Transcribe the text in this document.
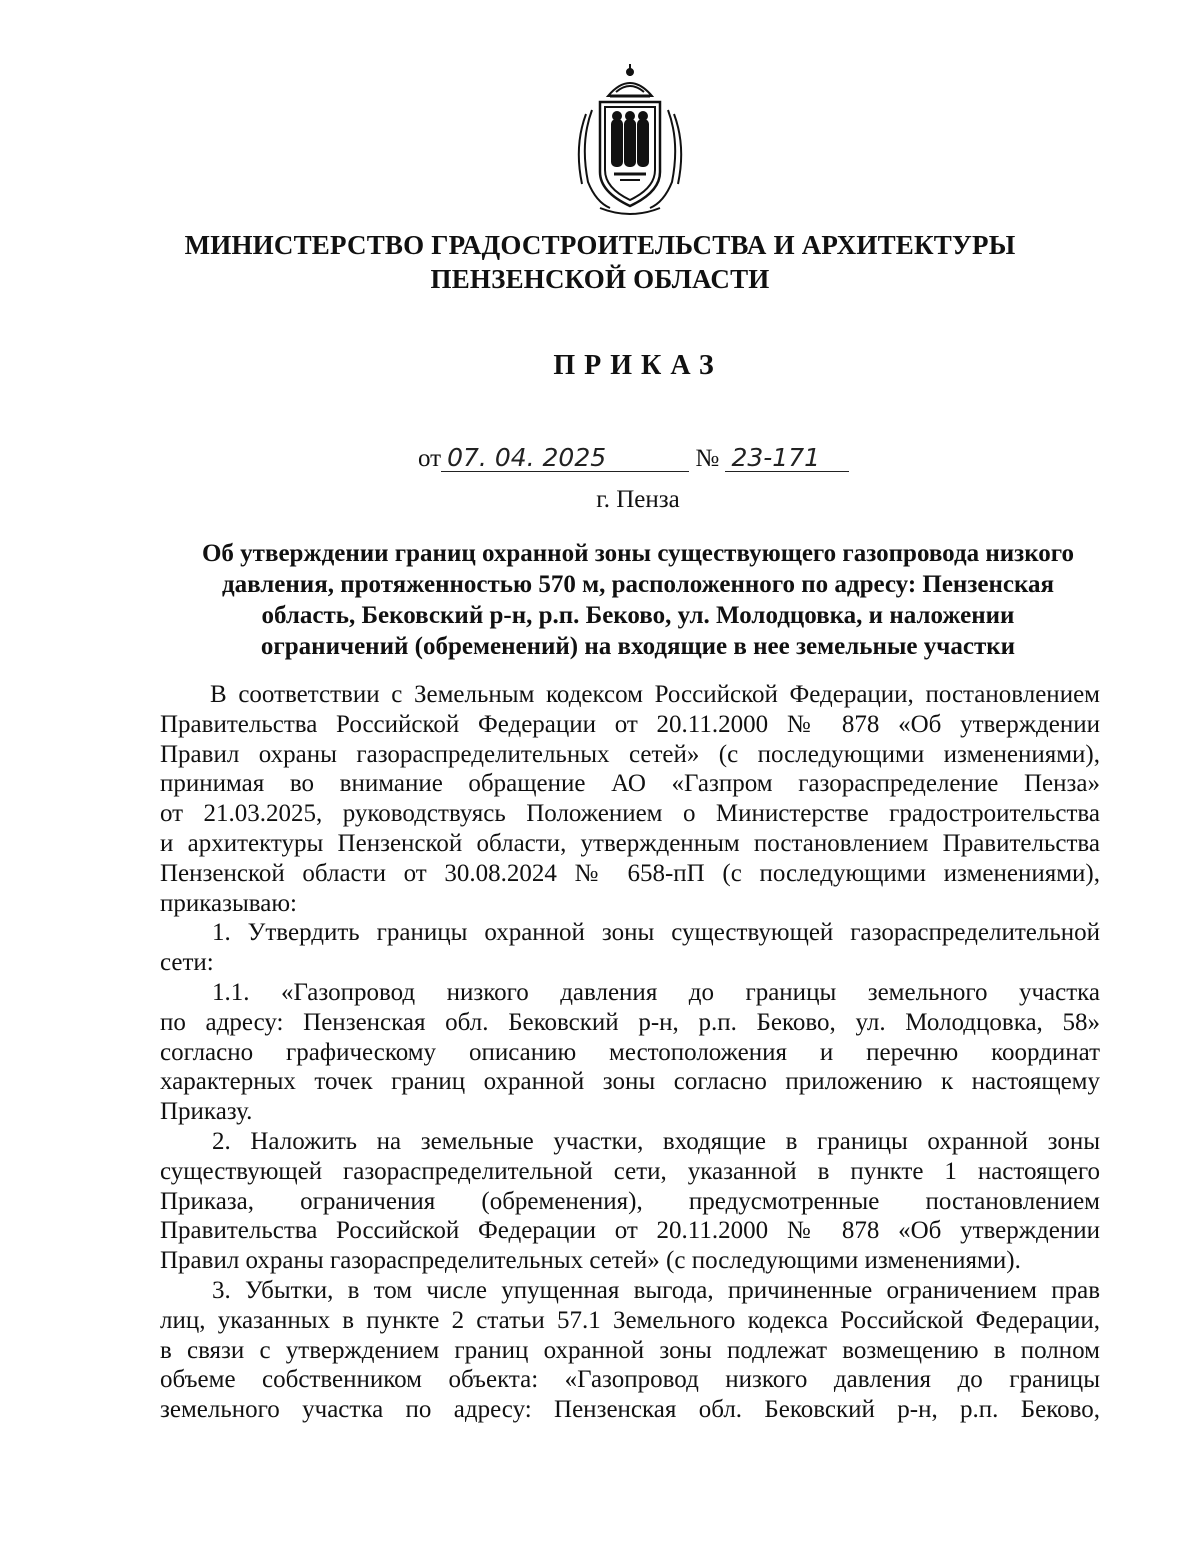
МИНИСТЕРСТВО ГРАДОСТРОИТЕЛЬСТВА И АРХИТЕКТУРЫ
ПЕНЗЕНСКОЙ ОБЛАСТИ
ПРИКАЗ
от 07. 04. 2025	№ 23-171
г. Пенза
Об утверждении границ охранной зоны существующего газопровода низкого
давления, протяженностью 570 м, расположенного по адресу: Пензенская
область, Бековский р-н, р.п. Беково, ул. Молодцовка, и наложении
ограничений (обременений) на входящие в нее земельные участки
В соответствии с Земельным кодексом Российской Федерации, постановлением
Правительства Российской Федерации от 20.11.2000 № 878 «Об утверждении
Правил охраны газораспределительных сетей» (с последующими изменениями),
принимая во внимание обращение АО «Газпром газораспределение Пенза»
от 21.03.2025, руководствуясь Положением о Министерстве градостроительства
и архитектуры Пензенской области, утвержденным постановлением Правительства
Пензенской области от 30.08.2024 № 658-пП (с последующими изменениями),
приказываю:
1. Утвердить границы охранной зоны существующей газораспределительной
сети:
1.1. «Газопровод низкого давления до границы земельного участка
по адресу: Пензенская обл. Бековский р-н, р.п. Беково, ул. Молодцовка, 58»
согласно графическому описанию местоположения и перечню координат
характерных точек границ охранной зоны согласно приложению к настоящему
Приказу.
2. Наложить на земельные участки, входящие в границы охранной зоны
существующей газораспределительной сети, указанной в пункте 1 настоящего
Приказа, ограничения (обременения), предусмотренные постановлением
Правительства Российской Федерации от 20.11.2000 № 878 «Об утверждении
Правил охраны газораспределительных сетей» (с последующими изменениями).
3. Убытки, в том числе упущенная выгода, причиненные ограничением прав
лиц, указанных в пункте 2 статьи 57.1 Земельного кодекса Российской Федерации,
в связи с утверждением границ охранной зоны подлежат возмещению в полном
объеме собственником объекта: «Газопровод низкого давления до границы
земельного участка по адресу: Пензенская обл. Бековский р-н, р.п. Беково,
